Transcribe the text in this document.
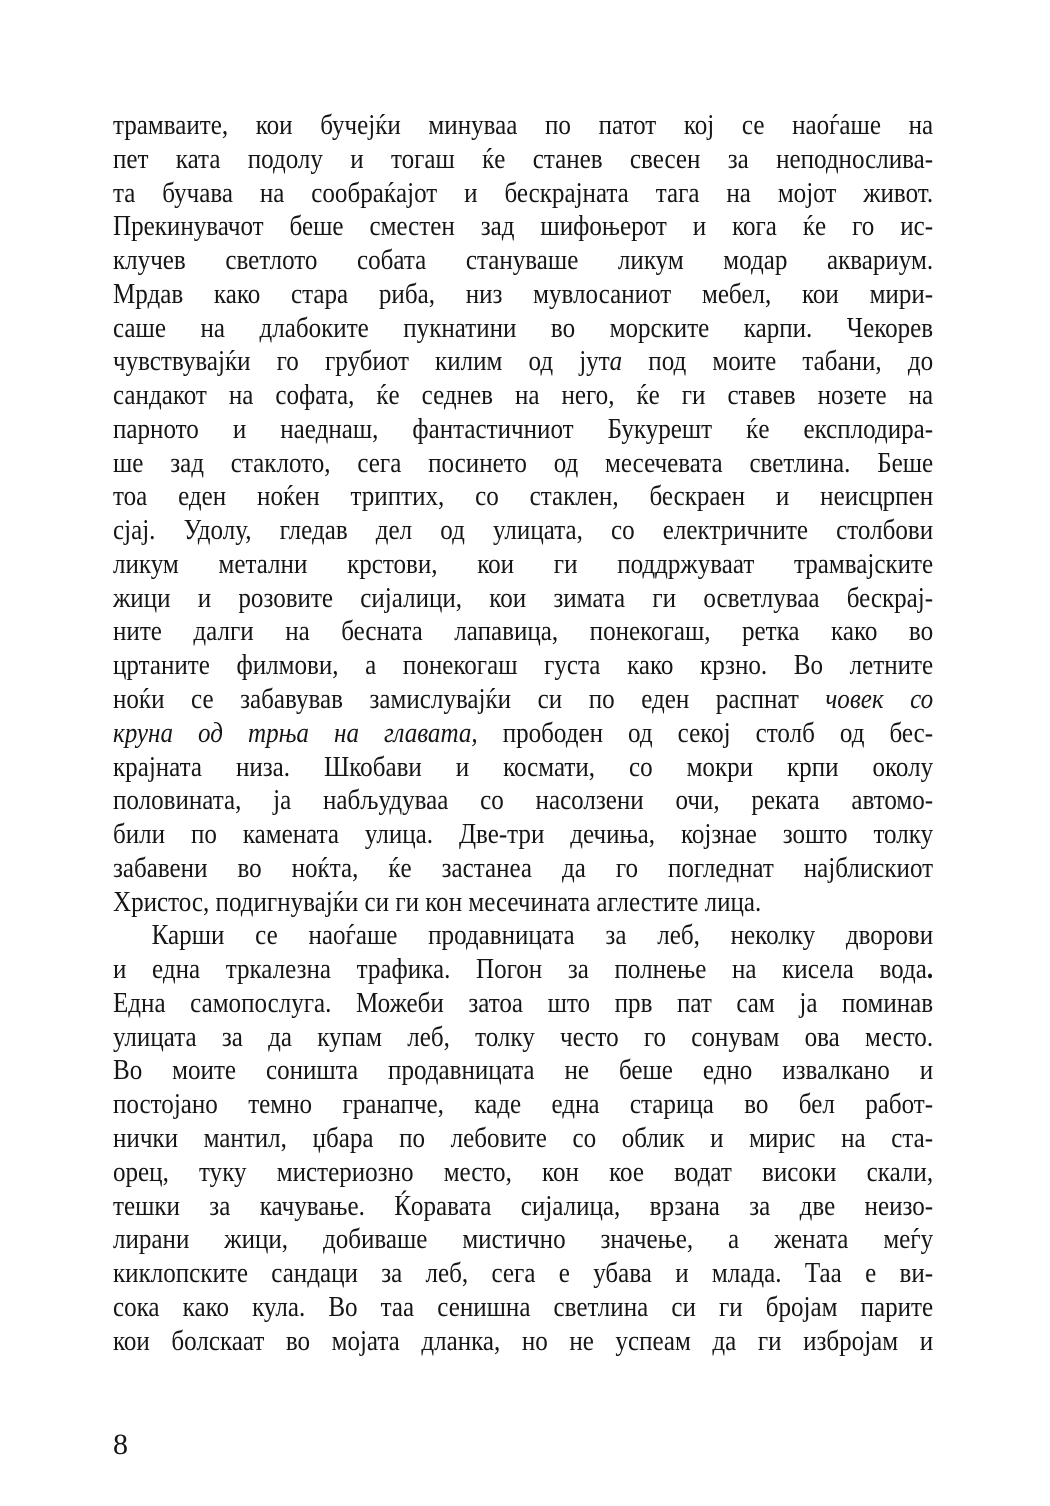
трамваите, кои бучејќи минуваа по патот кој се наоѓаше на
пет ката подолу и тогаш ќе станев свесен за неподнослива-
та бучава на сообраќајот и бескрајната тага на мојот живот.
Прекинувачот беше сместен зад шифоњерот и кога ќе го ис-
клучев светлото собата стануваше ликум модар аквариум.
Мрдав како стара риба, низ мувлосаниот мебел, кои мири-
саше на длабоките пукнатини во морските карпи. Чекорев
чувствувајќи го грубиот килим од јута под моите табани, до
сандакот на софата, ќе седнев на него, ќе ги ставев нозете на
парното и наеднаш, фантастичниот Букурешт ќе експлодира-
ше зад стаклото, сега посинето од месечевата светлина. Беше
тоа еден ноќен триптих, со стаклен, бескраен и неисцрпен
сјај. Удолу, гледав дел од улицата, со електричните столбови
ликум метални крстови, кои ги поддржуваат трамвајските
жици и розовите сијалици, кои зимата ги осветлуваа бескрај-
ните далги на бесната лапавица, понекогаш, ретка како во
цртаните филмови, а понекогаш густа како крзно. Во летните
ноќи се забавував замислувајќи си по еден распнат човек со
круна од трња на главата, прободен од секој столб од бес-
крајната низа. Шкобави и космати, со мокри крпи околу
половината, ја набљудуваа со насолзени очи, реката автомо-
били по камената улица. Две-три дечиња, којзнае зошто толку
забавени во ноќта, ќе застанеа да го погледнат најблискиот
Христос, подигнувајќи си ги кон месечината аглестите лица.
Карши се наоѓаше продавницата за леб, неколку дворови
и една тркалезна трафика. Погон за полнење на кисела вода.
Една самопослуга. Можеби затоа што прв пат сам ја поминав
улицата за да купам леб, толку често го сонувам ова место.
Во моите соништа продавницата не беше едно извалкано и
постојано темно гранапче, каде една старица во бел работ-
нички мантил, џбара по лебовите со облик и мирис на ста-
орец, туку мистериозно место, кон кое водат високи скали,
тешки за качување. Ќоравата сијалица, врзана за две неизо-
лирани жици, добиваше мистично значење, а жената меѓу
киклопските сандаци за леб, сега е убава и млада. Таа е ви-
сока како кула. Во таа сенишна светлина си ги бројам парите
кои болскаат во мојата дланка, но не успеам да ги избројам и
8
